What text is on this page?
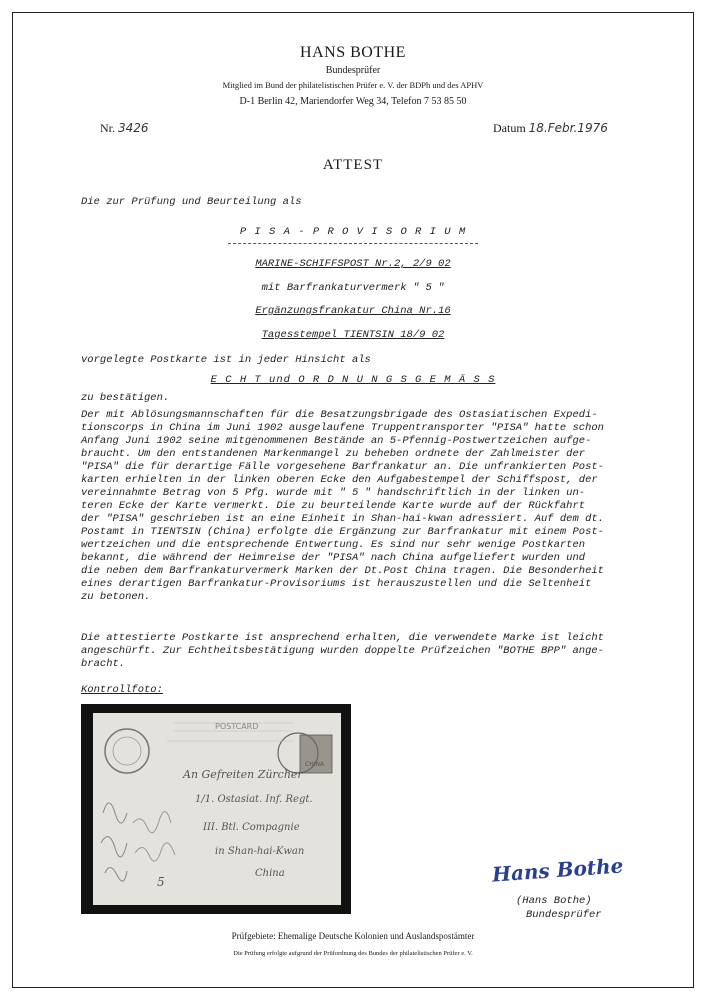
HANS BOTHE
Bundesprüfer
Mitglied im Bund der philatelistischen Prüfer e. V. der BDPh und des APHV
D-1 Berlin 42, Mariendorfer Weg 34, Telefon 7 53 85 50
Nr. 3426	Datum 18.Febr.1976
ATTEST
Die zur Prüfung und Beurteilung als
P I S A - P R O V I S O R I U M
MARINE-SCHIFFSPOST Nr.2, 2/9 02
mit Barfrankaturvermerk " 5 "
Ergänzungsfrankatur China Nr.16
Tagesstempel TIENTSIN 18/9 02
vorgelegte Postkarte ist in jeder Hinsicht als
E C H T und O R D N U N G S G E M Ä S S
zu bestätigen.

Der mit Ablösungsmannschaften für die Besatzungsbrigade des Ostasiatischen Expedi-

tionscorps in China im Juni 1902 ausgelaufene Truppentransporter "PISA" hatte schon

Anfang Juni 1902 seine mitgenommenen Bestände an 5-Pfennig-Postwertzeichen aufge-

braucht. Um den entstandenen Markenmangel zu beheben ordnete der Zahlmeister der

"PISA" die für derartige Fälle vorgesehene Barfrankatur an. Die unfrankierten Post-

karten erhielten in der linken oberen Ecke den Aufgabestempel der Schiffspost, der

vereinnahmte Betrag von 5 Pfg. wurde mit " 5 " handschriftlich in der linken un-

teren Ecke der Karte vermerkt. Die zu beurteilende Karte wurde auf der Rückfahrt

der "PISA" geschrieben ist an eine Einheit in Shan-hai-kwan adressiert. Auf dem dt.

Postamt in TIENTSIN (China) erfolgte die Ergänzung zur Barfrankatur mit einem Post-

wertzeichen und die entsprechende Entwertung. Es sind nur sehr wenige Postkarten

bekannt, die während der Heimreise der "PISA" nach China aufgeliefert wurden und

die neben dem Barfrankaturvermerk Marken der Dt.Post China tragen. Die Besonderheit

eines derartigen Barfrankatur-Provisoriums ist herauszustellen und die Seltenheit

zu betonen.

Die attestierte Postkarte ist ansprechend erhalten, die verwendete Marke ist leicht

angeschürft. Zur Echtheitsbestätigung wurden doppelte Prüfzeichen "BOTHE BPP" ange-

bracht.

Kontrollfoto:
POSTCARD
CHINA
An Gefreiten Zürcher
1/1. Ostasiat. Inf. Regt.
III. Btl. Compagnie
in Shan-hai-Kwan
China
5	Hans Bothe
(Hans Bothe)
Bundesprüfer
Prüfgebiete: Ehemalige Deutsche Kolonien und Auslandspostämter
Die Prüfung erfolgte aufgrund der Prüfordnung des Bundes der philatelistischen Prüfer e. V.
